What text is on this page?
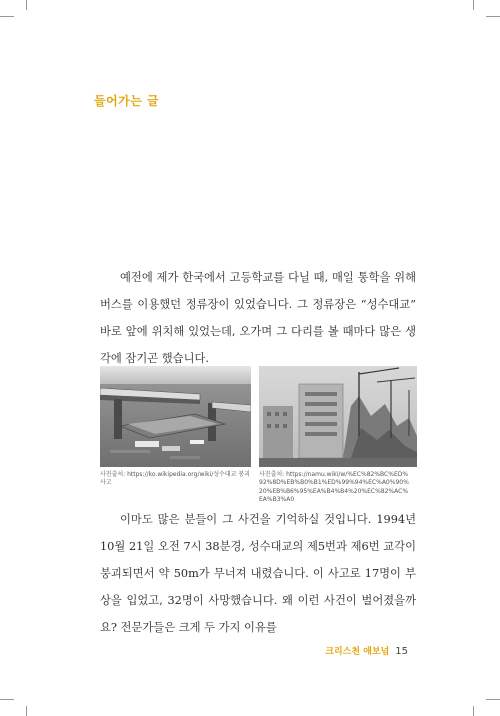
들어가는 글

예전에 제가 한국에서 고등학교를 다닐 때, 매일 통학을 위해 버스를 이용했던 정류장이 있었습니다. 그 정류장은 “성수대교” 바로 앞에 위치해 있었는데, 오가며 그 다리를 볼 때마다 많은 생각에 잠기곤 했습니다.

사진출처: https://ko.wikipedia.org/wiki/성수대교 붕괴 사고

사진출처: https://namu.wiki/w/%EC%82%BC%ED%92%8D%EB%B0%B1%ED%99%94%EC%A0%90%20%EB%B6%95%EA%B4%B4%20%EC%82%AC%EA%B3%A0

이마도 많은 분들이 그 사건을 기억하실 것입니다. 1994년 10월 21일 오전 7시 38분경, 성수대교의 제5번과 제6번 교각이 붕괴되면서 약 50m가 무너져 내렸습니다. 이 사고로 17명이 부상을 입었고, 32명이 사망했습니다. 왜 이런 사건이 벌어졌을까요? 전문가들은 크게 두 가지 이유를

크리스천 애보넘 15
